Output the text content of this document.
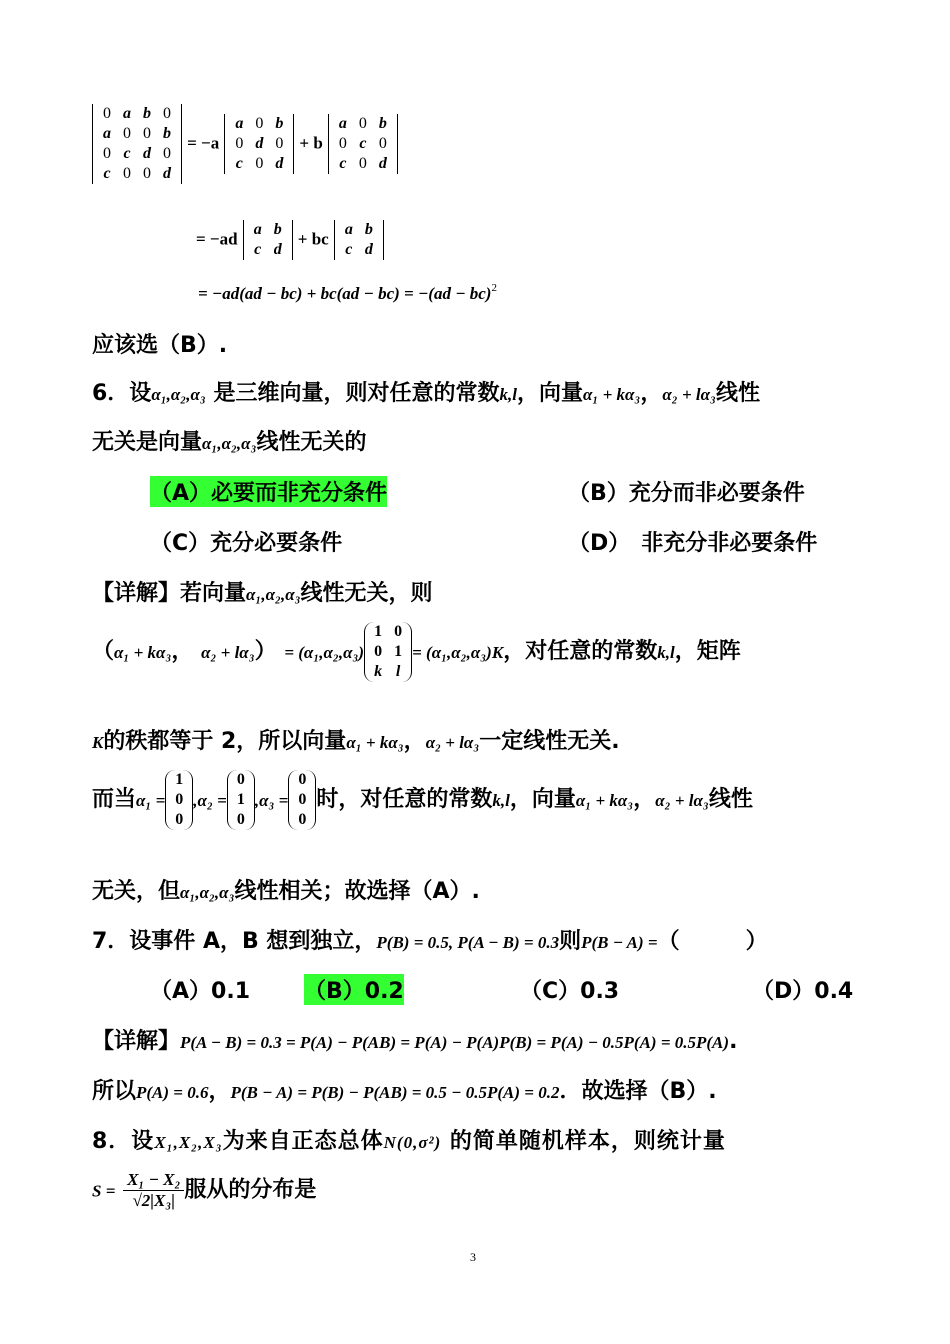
0	a	b	0
a	0	0	b
0	c	d	0
c	0	0	d
= −a
a	0	b
0	d	0
c	0	d
+ b
a	0	b
0	c	0
c	0	d
= −ad a	b
c	d
+ bc a	b
c	d
= −ad(ad − bc) + bc(ad − bc) = −(ad − bc)$^2$
应该选（B）.
6．设α₁,α₂,α₃ 是三维向量，则对任意的常数k,l，向量α₁ + kα₃，α₂ + lα₃线性
无关是向量α₁,α₂,α₃线性无关的
（A）必要而非充分条件	（B）充分而非必要条件
（C）充分必要条件	（D）　非充分非必要条件
【详解】若向量α₁,α₂,α₃线性无关，则
（α₁ + kα₃， α₂ + lα₃） = (α₁,α₂,α₃)
1	0
0	1
k	l
= (α₁,α₂,α₃)K，对任意的常数k,l，矩阵
K的秩都等于 2，所以向量α₁ + kα₃，α₂ + lα₃一定线性无关.
而当α₁ =
1
0
0
,α₂ =
0
1
0
,α₃ =
0
0
0
时，对任意的常数k,l，向量α₁ + kα₃，α₂ + lα₃线性
无关，但α₁,α₂,α₃线性相关；故选择（A）.
7．设事件 A，B 想到独立，P(B) = 0.5, P(A − B) = 0.3则P(B − A) =（　　　）
（A）0.1 （B）0.2	（C）0.3	（D）0.4
【详解】P(A − B) = 0.3 = P(A) − P(AB) = P(A) − P(A)P(B) = P(A) − 0.5P(A) = 0.5P(A).
所以P(A) = 0.6，P(B − A) = P(B) − P(AB) = 0.5 − 0.5P(A) = 0.2．故选择（B）.
8．设X₁,X₂,X₃为来自正态总体N(0,σ²) 的简单随机样本，则统计量
$S = \frac{\text{X₁ − X₂}}{\text{√2|X₃|}}$ 服从的分布是
3
